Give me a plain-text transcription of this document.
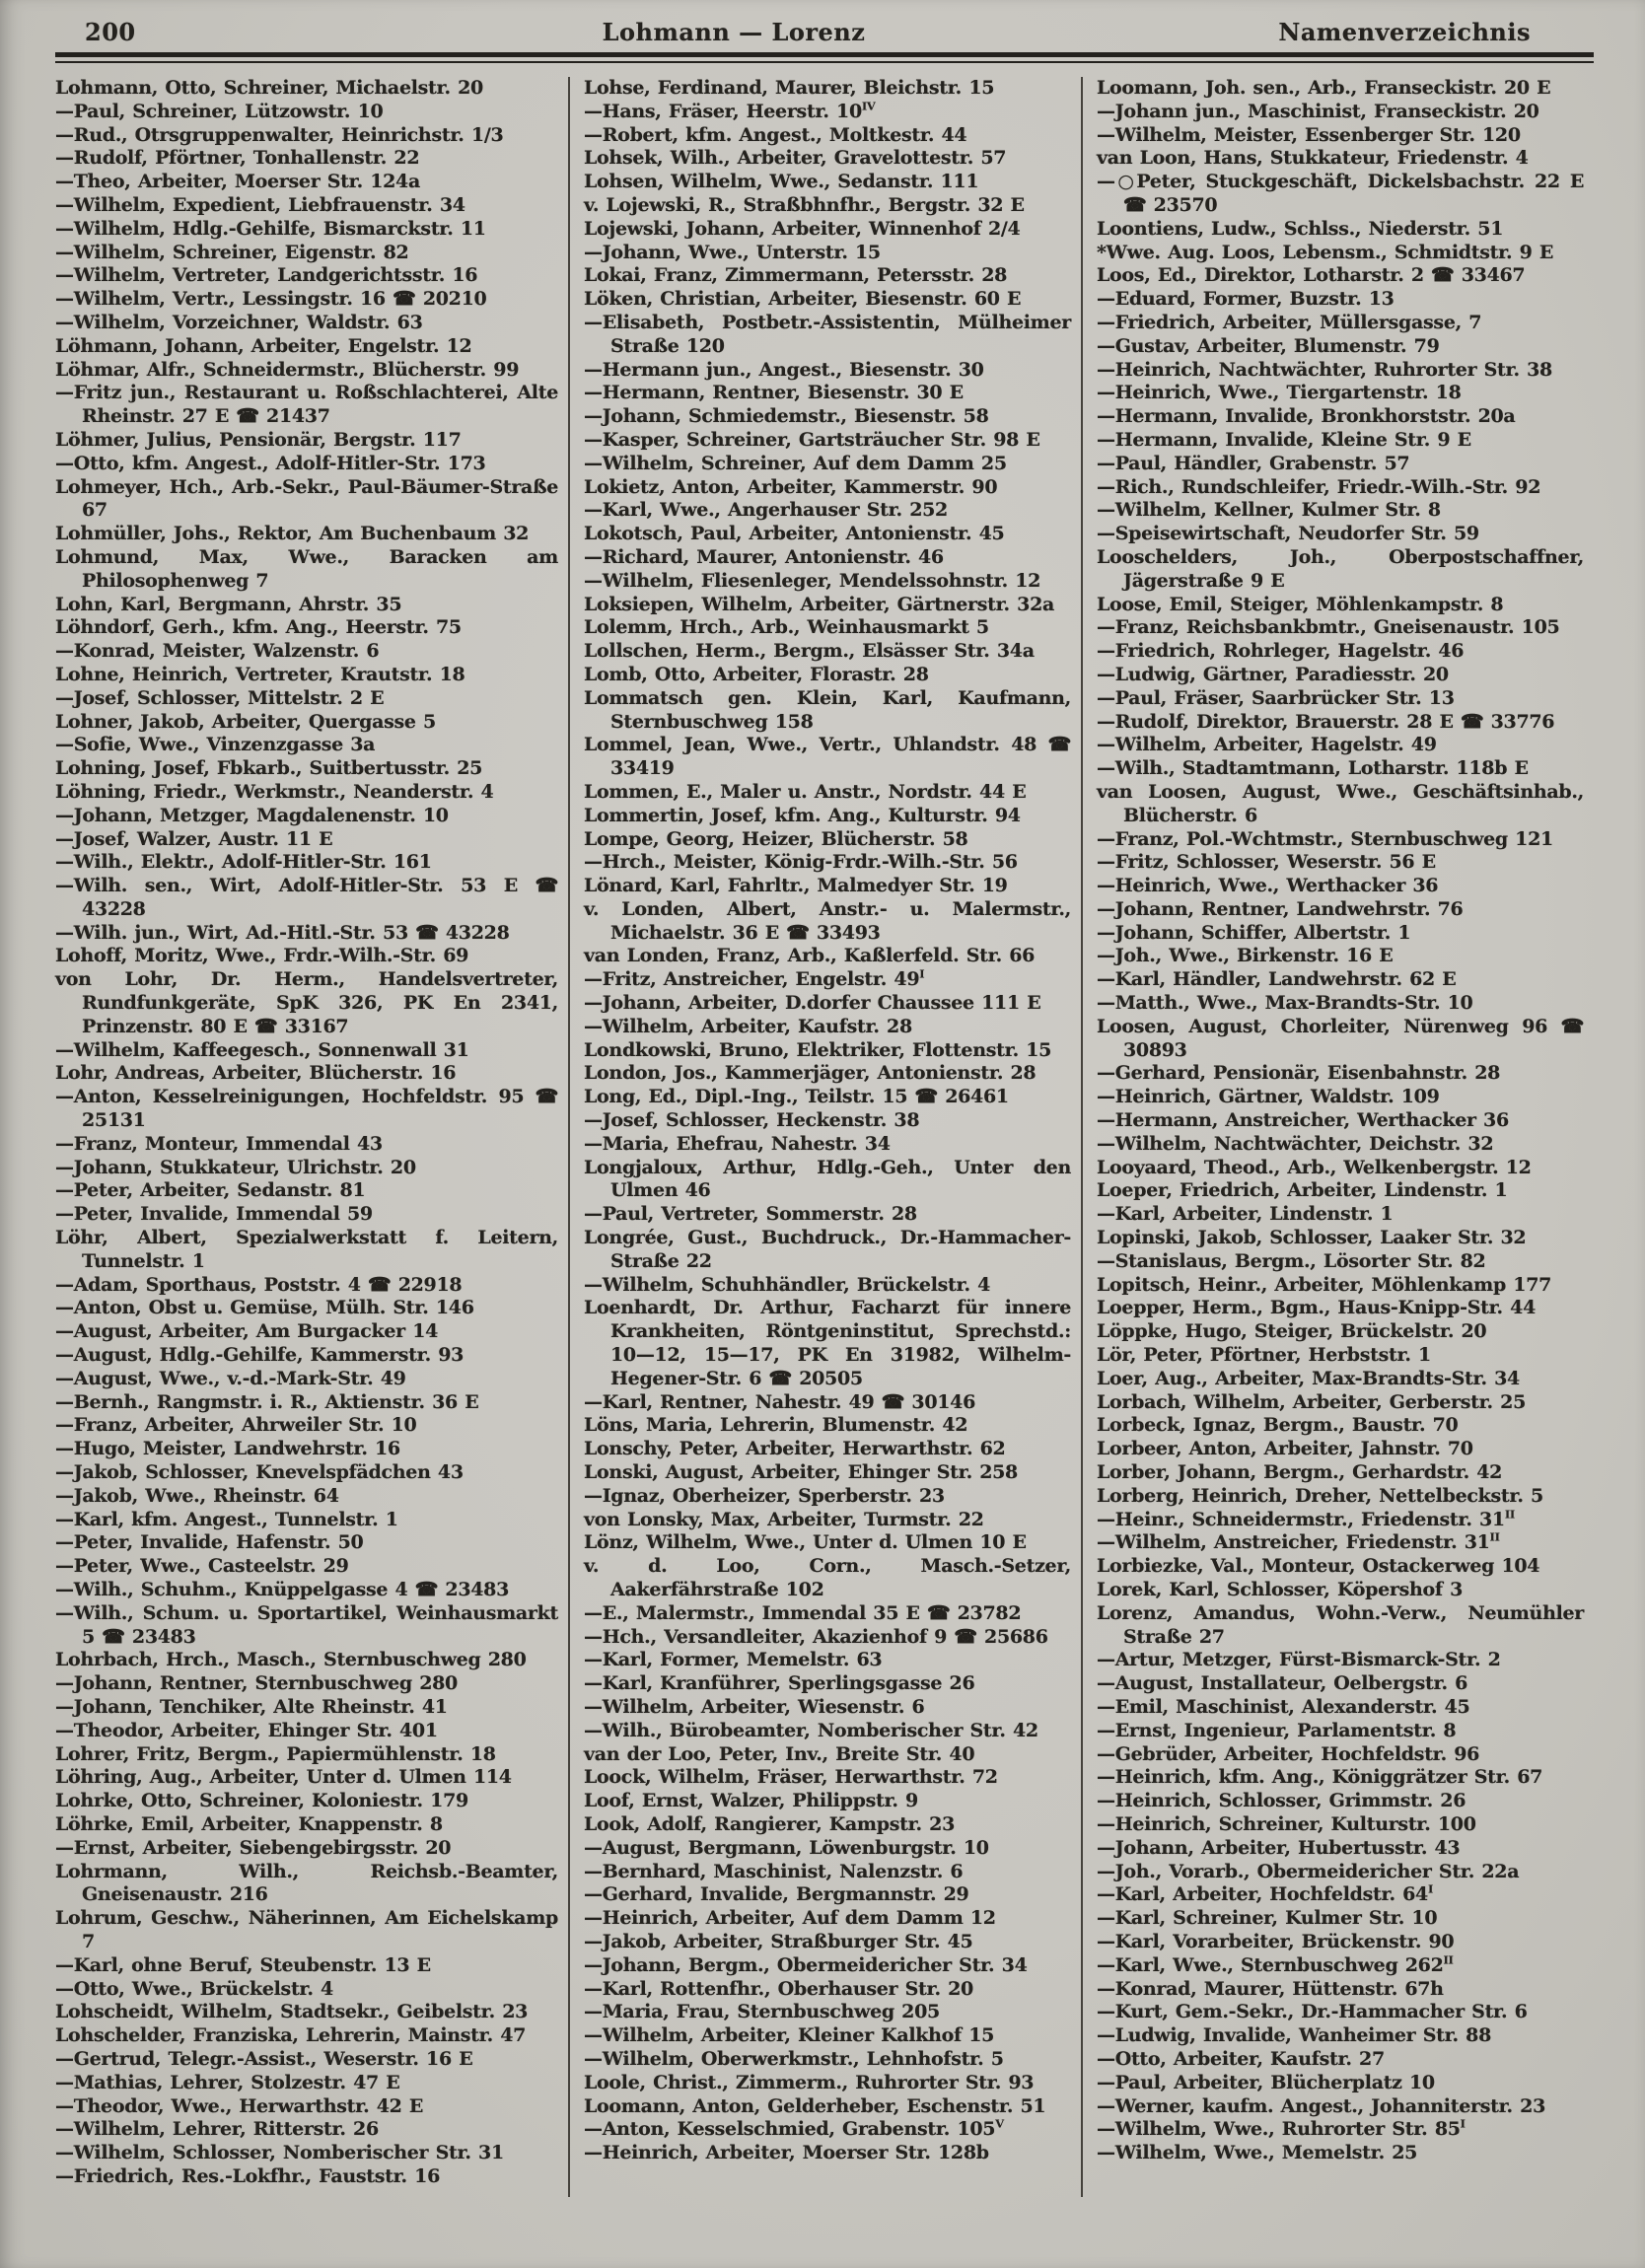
200	Lohmann — Lorenz	Namenverzeichnis
Lohmann, Otto, Schreiner, Michaelstr. 20
—Paul, Schreiner, Lützowstr. 10
—Rud., Otrsgruppenwalter, Heinrichstr. 1/3
—Rudolf, Pförtner, Tonhallenstr. 22
—Theo, Arbeiter, Moerser Str. 124a
—Wilhelm, Expedient, Liebfrauenstr. 34
—Wilhelm, Hdlg.-Gehilfe, Bismarckstr. 11
—Wilhelm, Schreiner, Eigenstr. 82
—Wilhelm, Vertreter, Landgerichtsstr. 16
—Wilhelm, Vertr., Lessingstr. 16 ☎ 20210
—Wilhelm, Vorzeichner, Waldstr. 63
Löhmann, Johann, Arbeiter, Engelstr. 12
Löhmar, Alfr., Schneidermstr., Blücherstr. 99
—Fritz jun., Restaurant u. Roßschlachterei, Alte Rheinstr. 27 E ☎ 21437
Löhmer, Julius, Pensionär, Bergstr. 117
—Otto, kfm. Angest., Adolf-Hitler-Str. 173
Lohmeyer, Hch., Arb.-Sekr., Paul-Bäumer-Straße 67
Lohmüller, Johs., Rektor, Am Buchenbaum 32
Lohmund, Max, Wwe., Baracken am Philosophenweg 7
Lohn, Karl, Bergmann, Ahrstr. 35
Löhndorf, Gerh., kfm. Ang., Heerstr. 75
—Konrad, Meister, Walzenstr. 6
Lohne, Heinrich, Vertreter, Krautstr. 18
—Josef, Schlosser, Mittelstr. 2 E
Lohner, Jakob, Arbeiter, Quergasse 5
—Sofie, Wwe., Vinzenzgasse 3a
Lohning, Josef, Fbkarb., Suitbertusstr. 25
Löhning, Friedr., Werkmstr., Neanderstr. 4
—Johann, Metzger, Magdalenenstr. 10
—Josef, Walzer, Austr. 11 E
—Wilh., Elektr., Adolf-Hitler-Str. 161
—Wilh. sen., Wirt, Adolf-Hitler-Str. 53 E ☎ 43228
—Wilh. jun., Wirt, Ad.-Hitl.-Str. 53 ☎ 43228
Lohoff, Moritz, Wwe., Frdr.-Wilh.-Str. 69
von Lohr, Dr. Herm., Handelsvertreter, Rundfunkgeräte, SpK 326, PK En 2341, Prinzenstr. 80 E ☎ 33167
—Wilhelm, Kaffeegesch., Sonnenwall 31
Lohr, Andreas, Arbeiter, Blücherstr. 16
—Anton, Kesselreinigungen, Hochfeldstr. 95 ☎ 25131
—Franz, Monteur, Immendal 43
—Johann, Stukkateur, Ulrichstr. 20
—Peter, Arbeiter, Sedanstr. 81
—Peter, Invalide, Immendal 59
Löhr, Albert, Spezialwerkstatt f. Leitern, Tunnelstr. 1
—Adam, Sporthaus, Poststr. 4 ☎ 22918
—Anton, Obst u. Gemüse, Mülh. Str. 146
—August, Arbeiter, Am Burgacker 14
—August, Hdlg.-Gehilfe, Kammerstr. 93
—August, Wwe., v.-d.-Mark-Str. 49
—Bernh., Rangmstr. i. R., Aktienstr. 36 E
—Franz, Arbeiter, Ahrweiler Str. 10
—Hugo, Meister, Landwehrstr. 16
—Jakob, Schlosser, Knevelspfädchen 43
—Jakob, Wwe., Rheinstr. 64
—Karl, kfm. Angest., Tunnelstr. 1
—Peter, Invalide, Hafenstr. 50
—Peter, Wwe., Casteelstr. 29
—Wilh., Schuhm., Knüppelgasse 4 ☎ 23483
—Wilh., Schum. u. Sportartikel, Weinhausmarkt 5 ☎ 23483
Lohrbach, Hrch., Masch., Sternbuschweg 280
—Johann, Rentner, Sternbuschweg 280
—Johann, Tenchiker, Alte Rheinstr. 41
—Theodor, Arbeiter, Ehinger Str. 401
Lohrer, Fritz, Bergm., Papiermühlenstr. 18
Löhring, Aug., Arbeiter, Unter d. Ulmen 114
Lohrke, Otto, Schreiner, Koloniestr. 179
Löhrke, Emil, Arbeiter, Knappenstr. 8
—Ernst, Arbeiter, Siebengebirgsstr. 20
Lohrmann, Wilh., Reichsb.-Beamter, Gneisenaustr. 216
Lohrum, Geschw., Näherinnen, Am Eichelskamp 7
—Karl, ohne Beruf, Steubenstr. 13 E
—Otto, Wwe., Brückelstr. 4
Lohscheidt, Wilhelm, Stadtsekr., Geibelstr. 23
Lohschelder, Franziska, Lehrerin, Mainstr. 47
—Gertrud, Telegr.-Assist., Weserstr. 16 E
—Mathias, Lehrer, Stolzestr. 47 E
—Theodor, Wwe., Herwarthstr. 42 E
—Wilhelm, Lehrer, Ritterstr. 26
—Wilhelm, Schlosser, Nomberischer Str. 31
—Friedrich, Res.-Lokfhr., Fauststr. 16
Lohse, Ferdinand, Maurer, Bleichstr. 15
—Hans, Fräser, Heerstr. $10^{IV}$
—Robert, kfm. Angest., Moltkestr. 44
Lohsek, Wilh., Arbeiter, Gravelottestr. 57
Lohsen, Wilhelm, Wwe., Sedanstr. 111
v. Lojewski, R., Straßbhnfhr., Bergstr. 32 E
Lojewski, Johann, Arbeiter, Winnenhof 2/4
—Johann, Wwe., Unterstr. 15
Lokai, Franz, Zimmermann, Petersstr. 28
Löken, Christian, Arbeiter, Biesenstr. 60 E
—Elisabeth, Postbetr.-Assistentin, Mülheimer Straße 120
—Hermann jun., Angest., Biesenstr. 30
—Hermann, Rentner, Biesenstr. 30 E
—Johann, Schmiedemstr., Biesenstr. 58
—Kasper, Schreiner, Gartsträucher Str. 98 E
—Wilhelm, Schreiner, Auf dem Damm 25
Lokietz, Anton, Arbeiter, Kammerstr. 90
—Karl, Wwe., Angerhauser Str. 252
Lokotsch, Paul, Arbeiter, Antonienstr. 45
—Richard, Maurer, Antonienstr. 46
—Wilhelm, Fliesenleger, Mendelssohnstr. 12
Loksiepen, Wilhelm, Arbeiter, Gärtnerstr. 32a
Lolemm, Hrch., Arb., Weinhausmarkt 5
Lollschen, Herm., Bergm., Elsässer Str. 34a
Lomb, Otto, Arbeiter, Florastr. 28
Lommatsch gen. Klein, Karl, Kaufmann, Sternbuschweg 158
Lommel, Jean, Wwe., Vertr., Uhlandstr. 48 ☎ 33419
Lommen, E., Maler u. Anstr., Nordstr. 44 E
Lommertin, Josef, kfm. Ang., Kulturstr. 94
Lompe, Georg, Heizer, Blücherstr. 58
—Hrch., Meister, König-Frdr.-Wilh.-Str. 56
Lönard, Karl, Fahrltr., Malmedyer Str. 19
v. Londen, Albert, Anstr.- u. Malermstr., Michaelstr. 36 E ☎ 33493
van Londen, Franz, Arb., Kaßlerfeld. Str. 66
—Fritz, Anstreicher, Engelstr. $49^I$
—Johann, Arbeiter, D.dorfer Chaussee 111 E
—Wilhelm, Arbeiter, Kaufstr. 28
Londkowski, Bruno, Elektriker, Flottenstr. 15
London, Jos., Kammerjäger, Antonienstr. 28
Long, Ed., Dipl.-Ing., Teilstr. 15 ☎ 26461
—Josef, Schlosser, Heckenstr. 38
—Maria, Ehefrau, Nahestr. 34
Longjaloux, Arthur, Hdlg.-Geh., Unter den Ulmen 46
—Paul, Vertreter, Sommerstr. 28
Longrée, Gust., Buchdruck., Dr.-Hammacher-Straße 22
—Wilhelm, Schuhhändler, Brückelstr. 4
Loenhardt, Dr. Arthur, Facharzt für innere Krankheiten, Röntgeninstitut, Sprechstd.: 10—12, 15—17, PK En 31982, Wilhelm-Hegener-Str. 6 ☎ 20505
—Karl, Rentner, Nahestr. 49 ☎ 30146
Löns, Maria, Lehrerin, Blumenstr. 42
Lonschy, Peter, Arbeiter, Herwarthstr. 62
Lonski, August, Arbeiter, Ehinger Str. 258
—Ignaz, Oberheizer, Sperberstr. 23
von Lonsky, Max, Arbeiter, Turmstr. 22
Lönz, Wilhelm, Wwe., Unter d. Ulmen 10 E
v. d. Loo, Corn., Masch.-Setzer, Aakerfährstraße 102
—E., Malermstr., Immendal 35 E ☎ 23782
—Hch., Versandleiter, Akazienhof 9 ☎ 25686
—Karl, Former, Memelstr. 63
—Karl, Kranführer, Sperlingsgasse 26
—Wilhelm, Arbeiter, Wiesenstr. 6
—Wilh., Bürobeamter, Nomberischer Str. 42
van der Loo, Peter, Inv., Breite Str. 40
Loock, Wilhelm, Fräser, Herwarthstr. 72
Loof, Ernst, Walzer, Philippstr. 9
Look, Adolf, Rangierer, Kampstr. 23
—August, Bergmann, Löwenburgstr. 10
—Bernhard, Maschinist, Nalenzstr. 6
—Gerhard, Invalide, Bergmannstr. 29
—Heinrich, Arbeiter, Auf dem Damm 12
—Jakob, Arbeiter, Straßburger Str. 45
—Johann, Bergm., Obermeidericher Str. 34
—Karl, Rottenfhr., Oberhauser Str. 20
—Maria, Frau, Sternbuschweg 205
—Wilhelm, Arbeiter, Kleiner Kalkhof 15
—Wilhelm, Oberwerkmstr., Lehnhofstr. 5
Loole, Christ., Zimmerm., Ruhrorter Str. 93
Loomann, Anton, Gelderheber, Eschenstr. 51
—Anton, Kesselschmied, Grabenstr. $105^V$
—Heinrich, Arbeiter, Moerser Str. 128b
Loomann, Joh. sen., Arb., Franseckistr. 20 E
—Johann jun., Maschinist, Franseckistr. 20
—Wilhelm, Meister, Essenberger Str. 120
van Loon, Hans, Stukkateur, Friedenstr. 4
—○Peter, Stuckgeschäft, Dickelsbachstr. 22 E ☎ 23570
Loontiens, Ludw., Schlss., Niederstr. 51
*Wwe. Aug. Loos, Lebensm., Schmidtstr. 9 E
Loos, Ed., Direktor, Lotharstr. 2 ☎ 33467
—Eduard, Former, Buzstr. 13
—Friedrich, Arbeiter, Müllersgasse, 7
—Gustav, Arbeiter, Blumenstr. 79
—Heinrich, Nachtwächter, Ruhrorter Str. 38
—Heinrich, Wwe., Tiergartenstr. 18
—Hermann, Invalide, Bronkhorststr. 20a
—Hermann, Invalide, Kleine Str. 9 E
—Paul, Händler, Grabenstr. 57
—Rich., Rundschleifer, Friedr.-Wilh.-Str. 92
—Wilhelm, Kellner, Kulmer Str. 8
—Speisewirtschaft, Neudorfer Str. 59
Looschelders, Joh., Oberpostschaffner, Jägerstraße 9 E
Loose, Emil, Steiger, Möhlenkampstr. 8
—Franz, Reichsbankbmtr., Gneisenaustr. 105
—Friedrich, Rohrleger, Hagelstr. 46
—Ludwig, Gärtner, Paradiesstr. 20
—Paul, Fräser, Saarbrücker Str. 13
—Rudolf, Direktor, Brauerstr. 28 E ☎ 33776
—Wilhelm, Arbeiter, Hagelstr. 49
—Wilh., Stadtamtmann, Lotharstr. 118b E
van Loosen, August, Wwe., Geschäftsinhab., Blücherstr. 6
—Franz, Pol.-Wchtmstr., Sternbuschweg 121
—Fritz, Schlosser, Weserstr. 56 E
—Heinrich, Wwe., Werthacker 36
—Johann, Rentner, Landwehrstr. 76
—Johann, Schiffer, Albertstr. 1
—Joh., Wwe., Birkenstr. 16 E
—Karl, Händler, Landwehrstr. 62 E
—Matth., Wwe., Max-Brandts-Str. 10
Loosen, August, Chorleiter, Nürenweg 96 ☎ 30893
—Gerhard, Pensionär, Eisenbahnstr. 28
—Heinrich, Gärtner, Waldstr. 109
—Hermann, Anstreicher, Werthacker 36
—Wilhelm, Nachtwächter, Deichstr. 32
Looyaard, Theod., Arb., Welkenbergstr. 12
Loeper, Friedrich, Arbeiter, Lindenstr. 1
—Karl, Arbeiter, Lindenstr. 1
Lopinski, Jakob, Schlosser, Laaker Str. 32
—Stanislaus, Bergm., Lösorter Str. 82
Lopitsch, Heinr., Arbeiter, Möhlenkamp 177
Loepper, Herm., Bgm., Haus-Knipp-Str. 44
Löppke, Hugo, Steiger, Brückelstr. 20
Lör, Peter, Pförtner, Herbststr. 1
Loer, Aug., Arbeiter, Max-Brandts-Str. 34
Lorbach, Wilhelm, Arbeiter, Gerberstr. 25
Lorbeck, Ignaz, Bergm., Baustr. 70
Lorbeer, Anton, Arbeiter, Jahnstr. 70
Lorber, Johann, Bergm., Gerhardstr. 42
Lorberg, Heinrich, Dreher, Nettelbeckstr. 5
—Heinr., Schneidermstr., Friedenstr. $31^{II}$
—Wilhelm, Anstreicher, Friedenstr. $31^{II}$
Lorbiezke, Val., Monteur, Ostackerweg 104
Lorek, Karl, Schlosser, Köpershof 3
Lorenz, Amandus, Wohn.-Verw., Neumühler Straße 27
—Artur, Metzger, Fürst-Bismarck-Str. 2
—August, Installateur, Oelbergstr. 6
—Emil, Maschinist, Alexanderstr. 45
—Ernst, Ingenieur, Parlamentstr. 8
—Gebrüder, Arbeiter, Hochfeldstr. 96
—Heinrich, kfm. Ang., Königgrätzer Str. 67
—Heinrich, Schlosser, Grimmstr. 26
—Heinrich, Schreiner, Kulturstr. 100
—Johann, Arbeiter, Hubertusstr. 43
—Joh., Vorarb., Obermeidericher Str. 22a
—Karl, Arbeiter, Hochfeldstr. $64^I$
—Karl, Schreiner, Kulmer Str. 10
—Karl, Vorarbeiter, Brückenstr. 90
—Karl, Wwe., Sternbuschweg $262^{II}$
—Konrad, Maurer, Hüttenstr. 67h
—Kurt, Gem.-Sekr., Dr.-Hammacher Str. 6
—Ludwig, Invalide, Wanheimer Str. 88
—Otto, Arbeiter, Kaufstr. 27
—Paul, Arbeiter, Blücherplatz 10
—Werner, kaufm. Angest., Johanniterstr. 23
—Wilhelm, Wwe., Ruhrorter Str. $85^I$
—Wilhelm, Wwe., Memelstr. 25
